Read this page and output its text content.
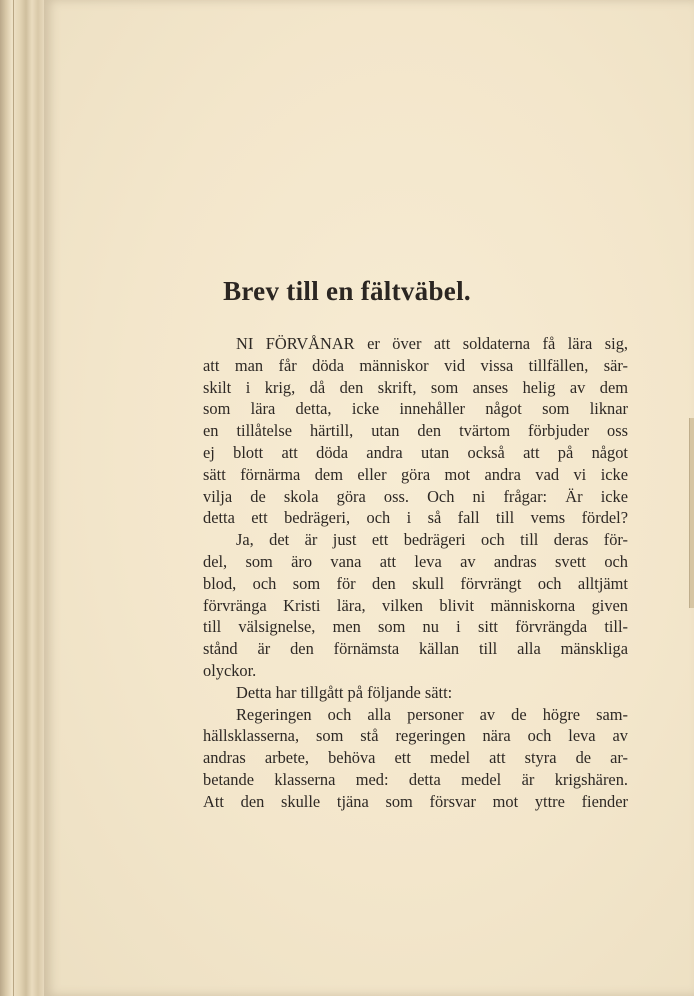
Brev till en fältväbel.
NI FÖRVÅNAR er över att soldaterna få lära sig,
att man får döda människor vid vissa tillfällen, sär-
skilt i krig, då den skrift, som anses helig av dem
som lära detta, icke innehåller något som liknar
en tillåtelse härtill, utan den tvärtom förbjuder oss
ej blott att döda andra utan också att på något
sätt förnärma dem eller göra mot andra vad vi icke
vilja de skola göra oss. Och ni frågar: Är icke
detta ett bedrägeri, och i så fall till vems fördel?
Ja, det är just ett bedrägeri och till deras för-
del, som äro vana att leva av andras svett och
blod, och som för den skull förvrängt och alltjämt
förvränga Kristi lära, vilken blivit människorna given
till välsignelse, men som nu i sitt förvrängda till-
stånd är den förnämsta källan till alla mänskliga
olyckor.
Detta har tillgått på följande sätt:
Regeringen och alla personer av de högre sam-
hällsklasserna, som stå regeringen nära och leva av
andras arbete, behöva ett medel att styra de ar-
betande klasserna med: detta medel är krigshären.
Att den skulle tjäna som försvar mot yttre fiender
